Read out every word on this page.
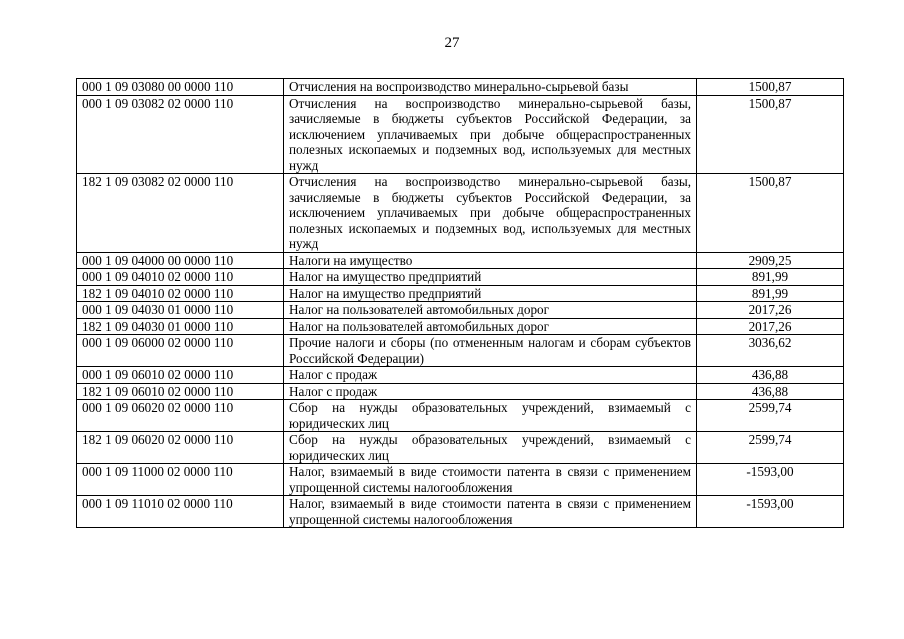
27
000 1 09 03080 00 0000 110	Отчисления на воспроизводство минерально-сырьевой базы	1500,87
000 1 09 03082 02 0000 110	Отчисления на воспроизводство минерально-сырьевой базы, зачисляемые в бюджеты субъектов Российской Федерации, за исключением уплачиваемых при добыче общераспространенных полезных ископаемых и подземных вод, используемых для местных нужд	1500,87
182 1 09 03082 02 0000 110	Отчисления на воспроизводство минерально-сырьевой базы, зачисляемые в бюджеты субъектов Российской Федерации, за исключением уплачиваемых при добыче общераспространенных полезных ископаемых и подземных вод, используемых для местных нужд	1500,87
000 1 09 04000 00 0000 110	Налоги на имущество	2909,25
000 1 09 04010 02 0000 110	Налог на имущество предприятий	891,99
182 1 09 04010 02 0000 110	Налог на имущество предприятий	891,99
000 1 09 04030 01 0000 110	Налог на пользователей автомобильных дорог	2017,26
182 1 09 04030 01 0000 110	Налог на пользователей автомобильных дорог	2017,26
000 1 09 06000 02 0000 110	Прочие налоги и сборы (по отмененным налогам и сборам субъектов Российской Федерации)	3036,62
000 1 09 06010 02 0000 110	Налог с продаж	436,88
182 1 09 06010 02 0000 110	Налог с продаж	436,88
000 1 09 06020 02 0000 110	Сбор на нужды образовательных учреждений, взимаемый с юридических лиц	2599,74
182 1 09 06020 02 0000 110	Сбор на нужды образовательных учреждений, взимаемый с юридических лиц	2599,74
000 1 09 11000 02 0000 110	Налог, взимаемый в виде стоимости патента в связи с применением упрощенной системы налогообложения	-1593,00
000 1 09 11010 02 0000 110	Налог, взимаемый в виде стоимости патента в связи с применением упрощенной системы налогообложения	-1593,00
